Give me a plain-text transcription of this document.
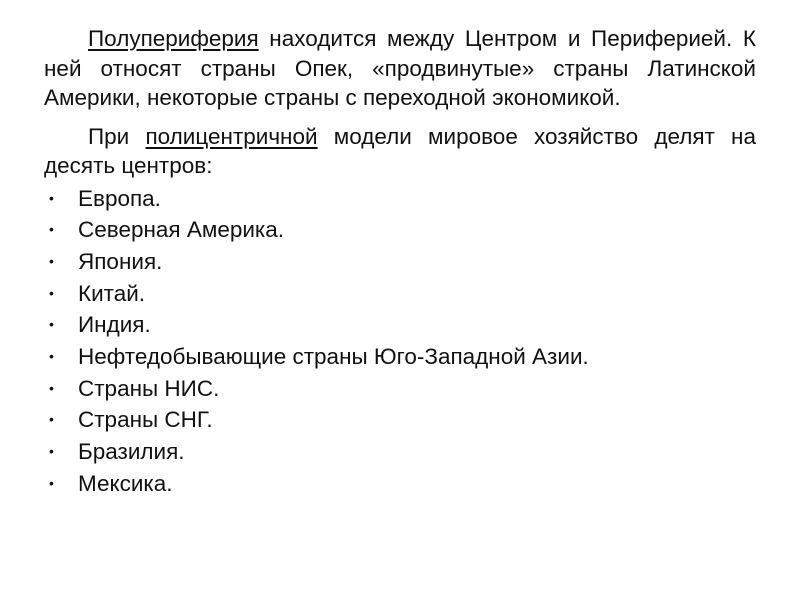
Полупериферия находится между Центром и Периферией. К ней относят страны Опек, «продвинутые» страны Латинской Америки, некоторые страны с переходной экономикой.

При полицентричной модели мировое хозяйство делят на десять центров:

• Европа.
• Северная Америка.
• Япония.
• Китай.
• Индия.
• Нефтедобывающие страны Юго-Западной Азии.
• Страны НИС.
• Страны СНГ.
• Бразилия.
• Мексика.
